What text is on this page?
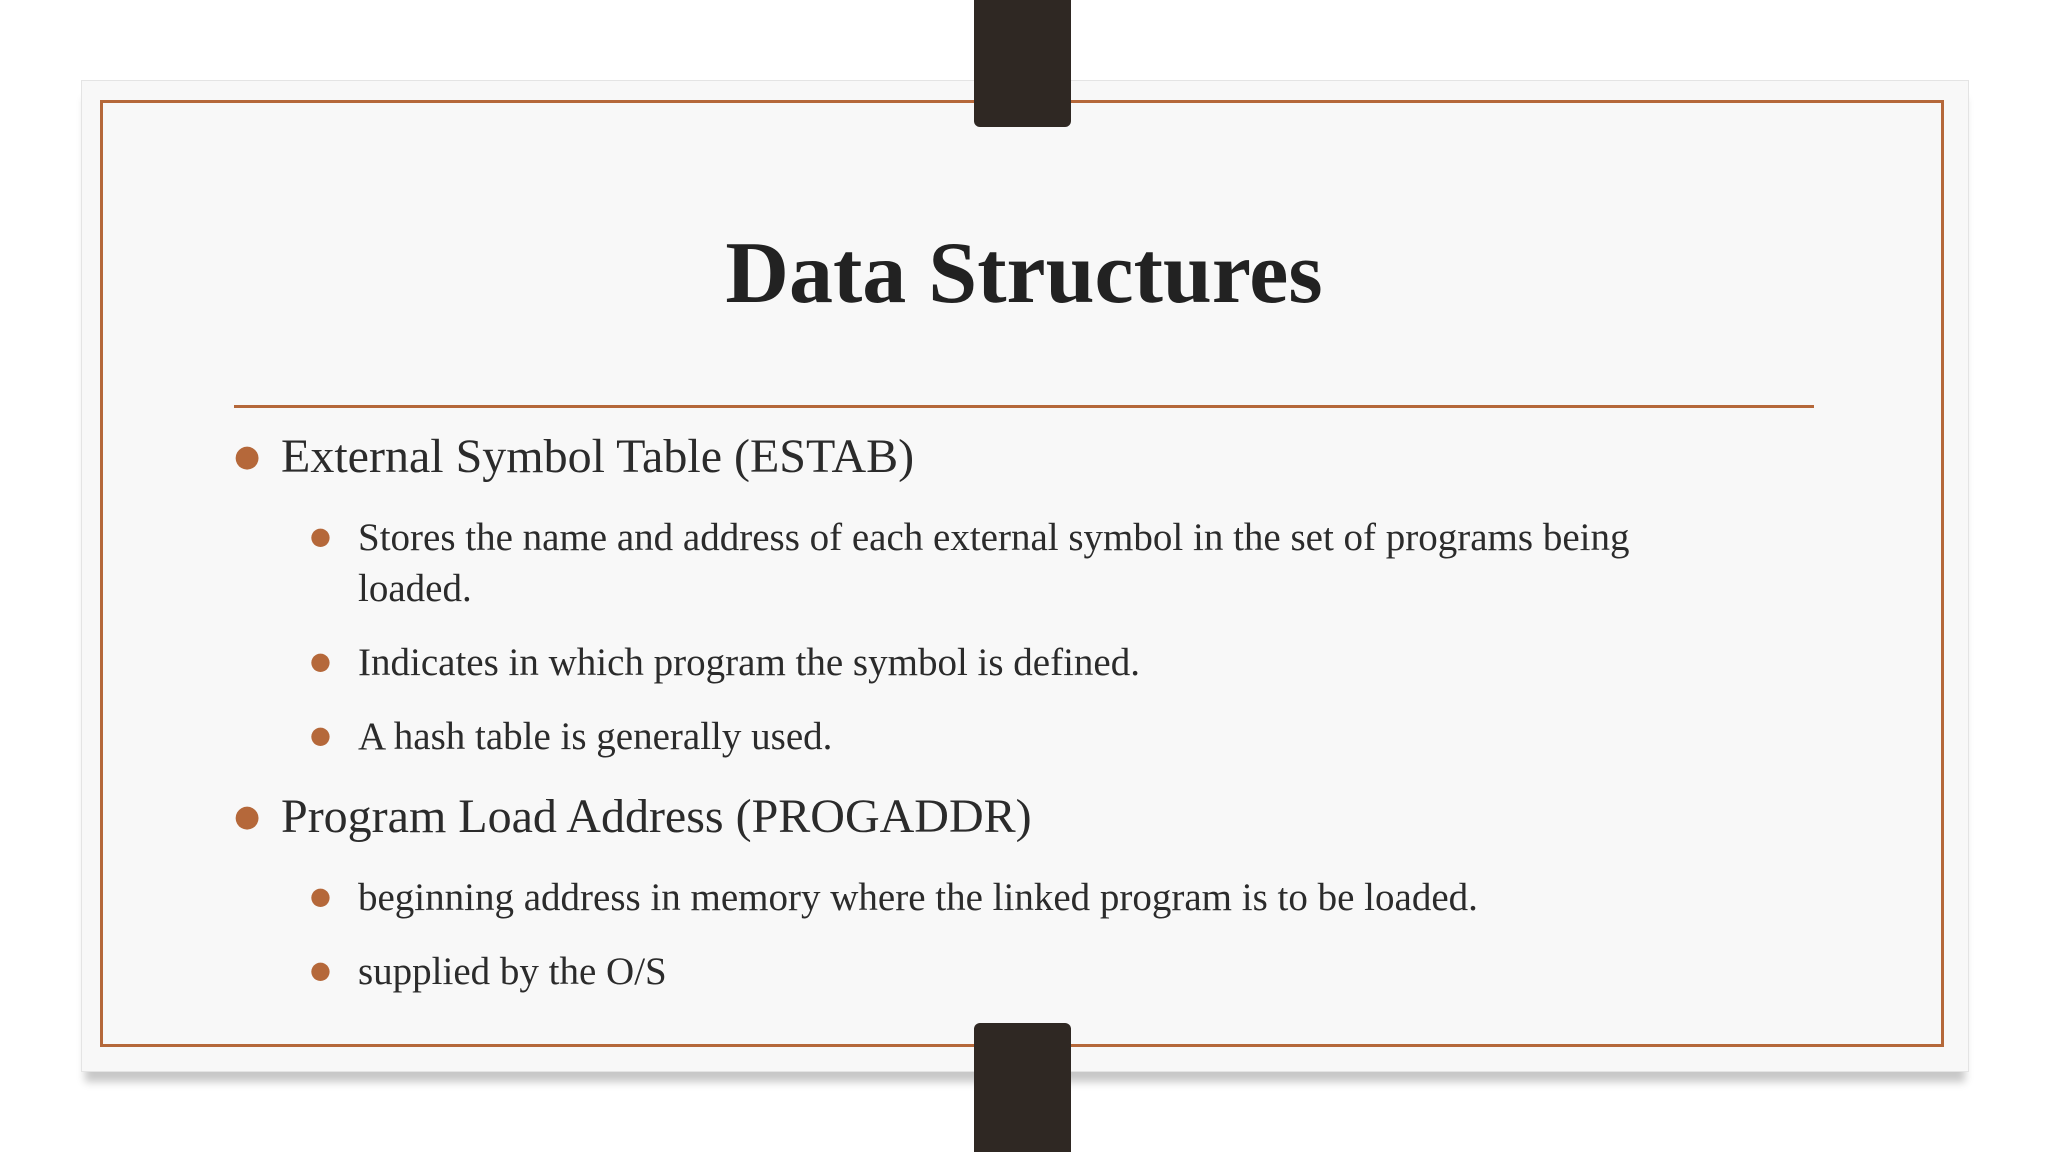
Data Structures
● External Symbol Table (ESTAB)

● Stores the name and address of each external symbol in the set of programs being

loaded.

● Indicates in which program the symbol is defined.

● A hash table is generally used.

● Program Load Address (PROGADDR)

● beginning address in memory where the linked program is to be loaded.

● supplied by the O/S
